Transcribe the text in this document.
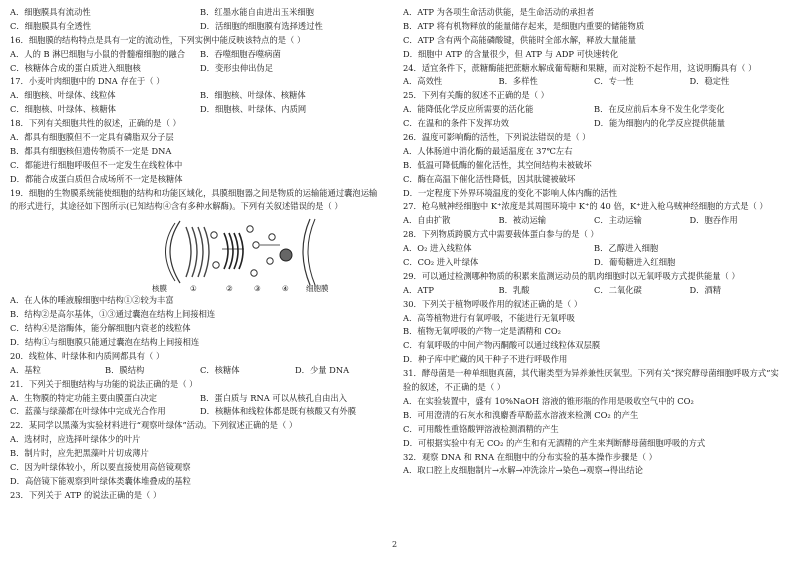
A．细胞膜具有流动性	B．红墨水能自由进出玉米细胞
C．细胞膜具有全透性	D．活细胞的细胞膜有选择透过性
16．细胞膜的结构特点是具有一定的流动性，下列实例中能反映该特点的是（ ）
A．人的 B 淋巴细胞与小鼠的骨髓瘤细胞的融合	B．吞噬细胞吞噬病菌
C．核糖体合成的蛋白质进入细胞核	D．变形虫伸出伪足
17．小麦叶肉细胞中的 DNA 存在于（ ）
A．细胞核、叶绿体、线粒体	B．细胞核、叶绿体、核糖体
C．细胞核、叶绿体、核糖体	D．细胞核、叶绿体、内质网
18．下列有关细胞共性的叙述，正确的是（ ）
A．都具有细胞膜但不一定具有磷脂双分子层
B．都具有细胞核但遗传物质不一定是 DNA
C．都能进行细胞呼吸但不一定发生在线粒体中
D．都能合成蛋白质但合成场所不一定是核糖体
19．细胞的生物膜系统能使细胞的结构和功能区域化，具膜细胞器之间是物质的运输能通过囊泡运输
的形式进行，其途径如下图所示(已知结构④含有多种水解酶)。下列有关叙述错误的是（ ）
核膜	细胞膜
①	②	③	④
A．在人体的唾液腺细胞中结构①②较为丰富
B．结构②是高尔基体，①③通过囊泡在结构上间接相连
C．结构④是溶酶体，能分解细胞内衰老的线粒体
D．结构①与细胞膜只能通过囊泡在结构上间接相连
20．线粒体、叶绿体和内质网都具有（ ）
A．基粒	B．膜结构	C．核糖体	D．少量 DNA
21．下列关于细胞结构与功能的说法正确的是（ ）
A．生物膜的特定功能主要由膜蛋白决定	B．蛋白质与 RNA 可以从核孔自由出入
C．蓝藻与绿藻都在叶绿体中完成光合作用	D．核糖体和线粒体都是既有核酸又有外膜
22．某同学以黑藻为实验材料进行“观察叶绿体”活动。下列叙述正确的是（ ）
A．选材时，应选择叶绿体少的叶片
B．制片时，应先把黑藻叶片切成薄片
C．因为叶绿体较小，所以要直接使用高倍镜观察
D．高倍镜下能观察到叶绿体类囊体堆叠成的基粒
23．下列关于 ATP 的说法正确的是（ ）
A．ATP 为各项生命活动供能，是生命活动的承担者
B．ATP 将有机物释放的能量储存起来，是细胞内重要的储能物质
C．ATP 含有两个高能磷酸键，供能时全部水解，释放大量能量
D．细胞中 ATP 的含量很少，但 ATP 与 ADP 可快速转化
24．适宜条件下，蔗糖酶能把蔗糖水解成葡萄糖和果糖，而对淀粉不起作用，这说明酶具有（ ）
A．高效性	B．多样性	C．专一性	D．稳定性
25．下列有关酶的叙述不正确的是（ ）
A．能降低化学反应所需要的活化能	B．在反应前后本身不发生化学变化
C．在温和的条件下发挥功效	D．能为细胞内的化学反应提供能量
26．温度可影响酶的活性，下列说法错误的是（ ）
A．人体肠道中消化酶的最适温度在 37℃左右
B．低温可降低酶的催化活性，其空间结构未被破坏
C．酶在高温下催化活性降低，因其肽键被破坏
D．一定程度下外界环境温度的变化不影响人体内酶的活性
27．枪乌贼神经细胞中 K⁺浓度是其周围环境中 K⁺的 40 倍，K⁺进入枪乌贼神经细胞的方式是（ ）
A．自由扩散	B．被动运输	C．主动运输	D．胞吞作用
28．下列物质跨膜方式中需要载体蛋白参与的是（ ）
A．O₂ 进入线粒体	B．乙醇进入细胞
C．CO₂ 进入叶绿体	D．葡萄糖进入红细胞
29．可以通过检测哪种物质的积累来监测运动员的肌肉细胞时以无氧呼吸方式提供能量（ ）
A．ATP	B．乳酸	C．二氧化碳	D．酒精
30．下列关于植物呼吸作用的叙述正确的是（ ）
A．高等植物进行有氧呼吸，不能进行无氧呼吸
B．植物无氧呼吸的产物一定是酒精和 CO₂
C．有氧呼吸的中间产物丙酮酸可以通过线粒体双层膜
D．种子库中贮藏的风干种子不进行呼吸作用
31．酵母菌是一种单细胞真菌，其代谢类型为异养兼性厌氧型。下列有关“探究酵母菌细胞呼吸方式”实
验的叙述，不正确的是（ ）
A．在实验装置中，盛有 10%NaOH 溶液的锥形瓶的作用是吸收空气中的 CO₂
B．可用澄清的石灰水和溴麝香草酚蓝水溶液来检测 CO₂ 的产生
C．可用酸性重铬酸钾溶液检测酒精的产生
D．可根据实验中有无 CO₂ 的产生和有无酒精的产生来判断酵母菌细胞呼吸的方式
32．观察 DNA 和 RNA 在细胞中的分布实验的基本操作步骤是（ ）
A．取口腔上皮细胞制片→水解→冲洗涂片→染色→观察→得出结论
2
